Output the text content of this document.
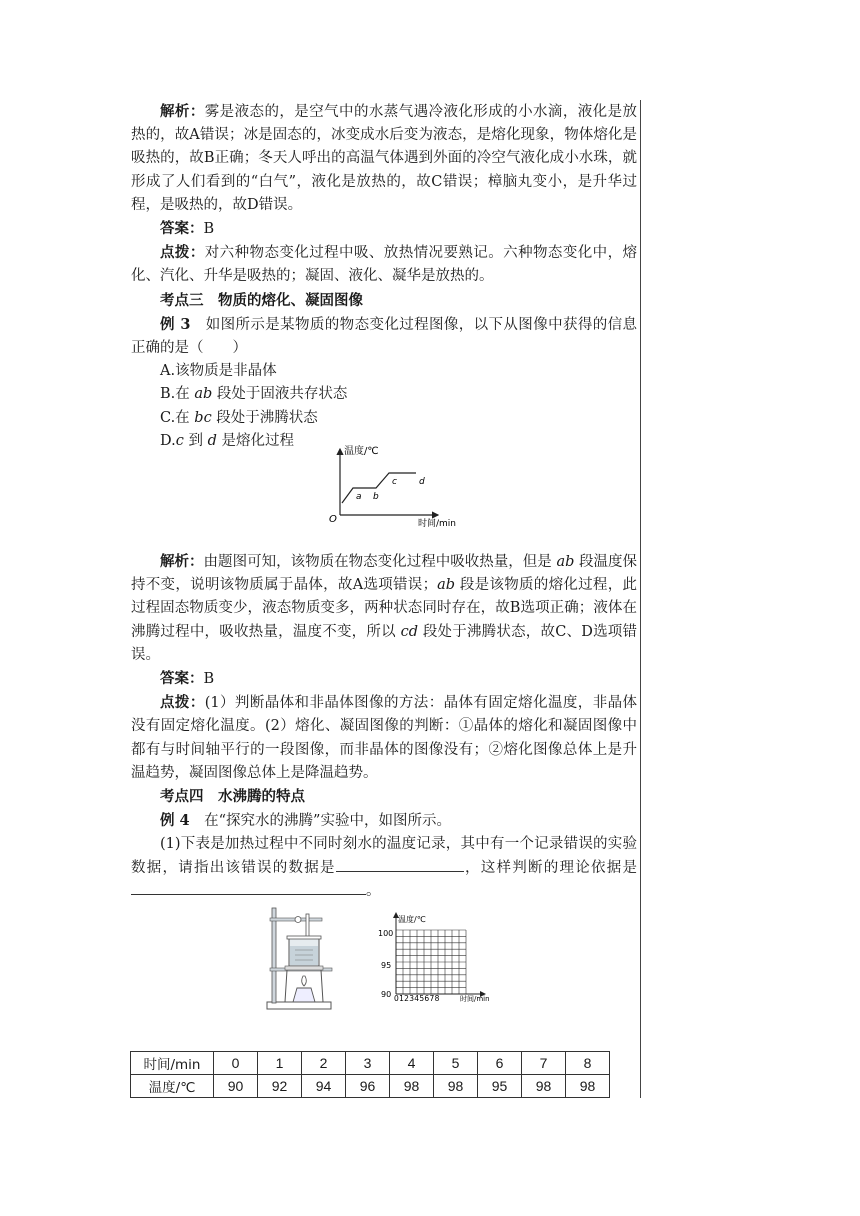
解析：雾是液态的，是空气中的水蒸气遇冷液化形成的小水滴，液化是放热的，故A错误；冰是固态的，冰变成水后变为液态，是熔化现象，物体熔化是吸热的，故B正确；冬天人呼出的高温气体遇到外面的冷空气液化成小水珠，就形成了人们看到的“白气”，液化是放热的，故C错误；樟脑丸变小，是升华过程，是吸热的，故D错误。

答案：B

点拨：对六种物态变化过程中吸、放热情况要熟记。六种物态变化中，熔化、汽化、升华是吸热的；凝固、液化、凝华是放热的。

考点三　物质的熔化、凝固图像

例 3　 如图所示是某物质的物态变化过程图像，以下从图像中获得的信息正确的是（　　）

A.该物质是非晶体

B.在 ab 段处于固液共存状态

C.在 bc 段处于沸腾状态

D.c 到 d 是熔化过程

解析：由题图可知，该物质在物态变化过程中吸收热量，但是 ab 段温度保持不变，说明该物质属于晶体，故A选项错误；ab 段是该物质的熔化过程，此过程固态物质变少，液态物质变多，两种状态同时存在，故B选项正确；液体在沸腾过程中，吸收热量，温度不变，所以 cd 段处于沸腾状态，故C、D选项错误。

答案：B

点拨：(1）判断晶体和非晶体图像的方法：晶体有固定熔化温度，非晶体没有固定熔化温度。(2）熔化、凝固图像的判断：①晶体的熔化和凝固图像中都有与时间轴平行的一段图像，而非晶体的图像没有；②熔化图像总体上是升温趋势，凝固图像总体上是降温趋势。

考点四　水沸腾的特点

例 4　 在“探究水的沸腾”实验中，如图所示。

(1)下表是加热过程中不同时刻水的温度记录，其中有一个记录错误的实验数据，请指出该错误的数据是	，这样判断的理论依据是。

温度/℃
时间/min
O
a b
c d
温度/℃
100
95
90 012345678	时间/min
时间/min	0	1	2	3	4	5	6	7	8
温度/℃	90	92	94	96	98	98	95	98	98
